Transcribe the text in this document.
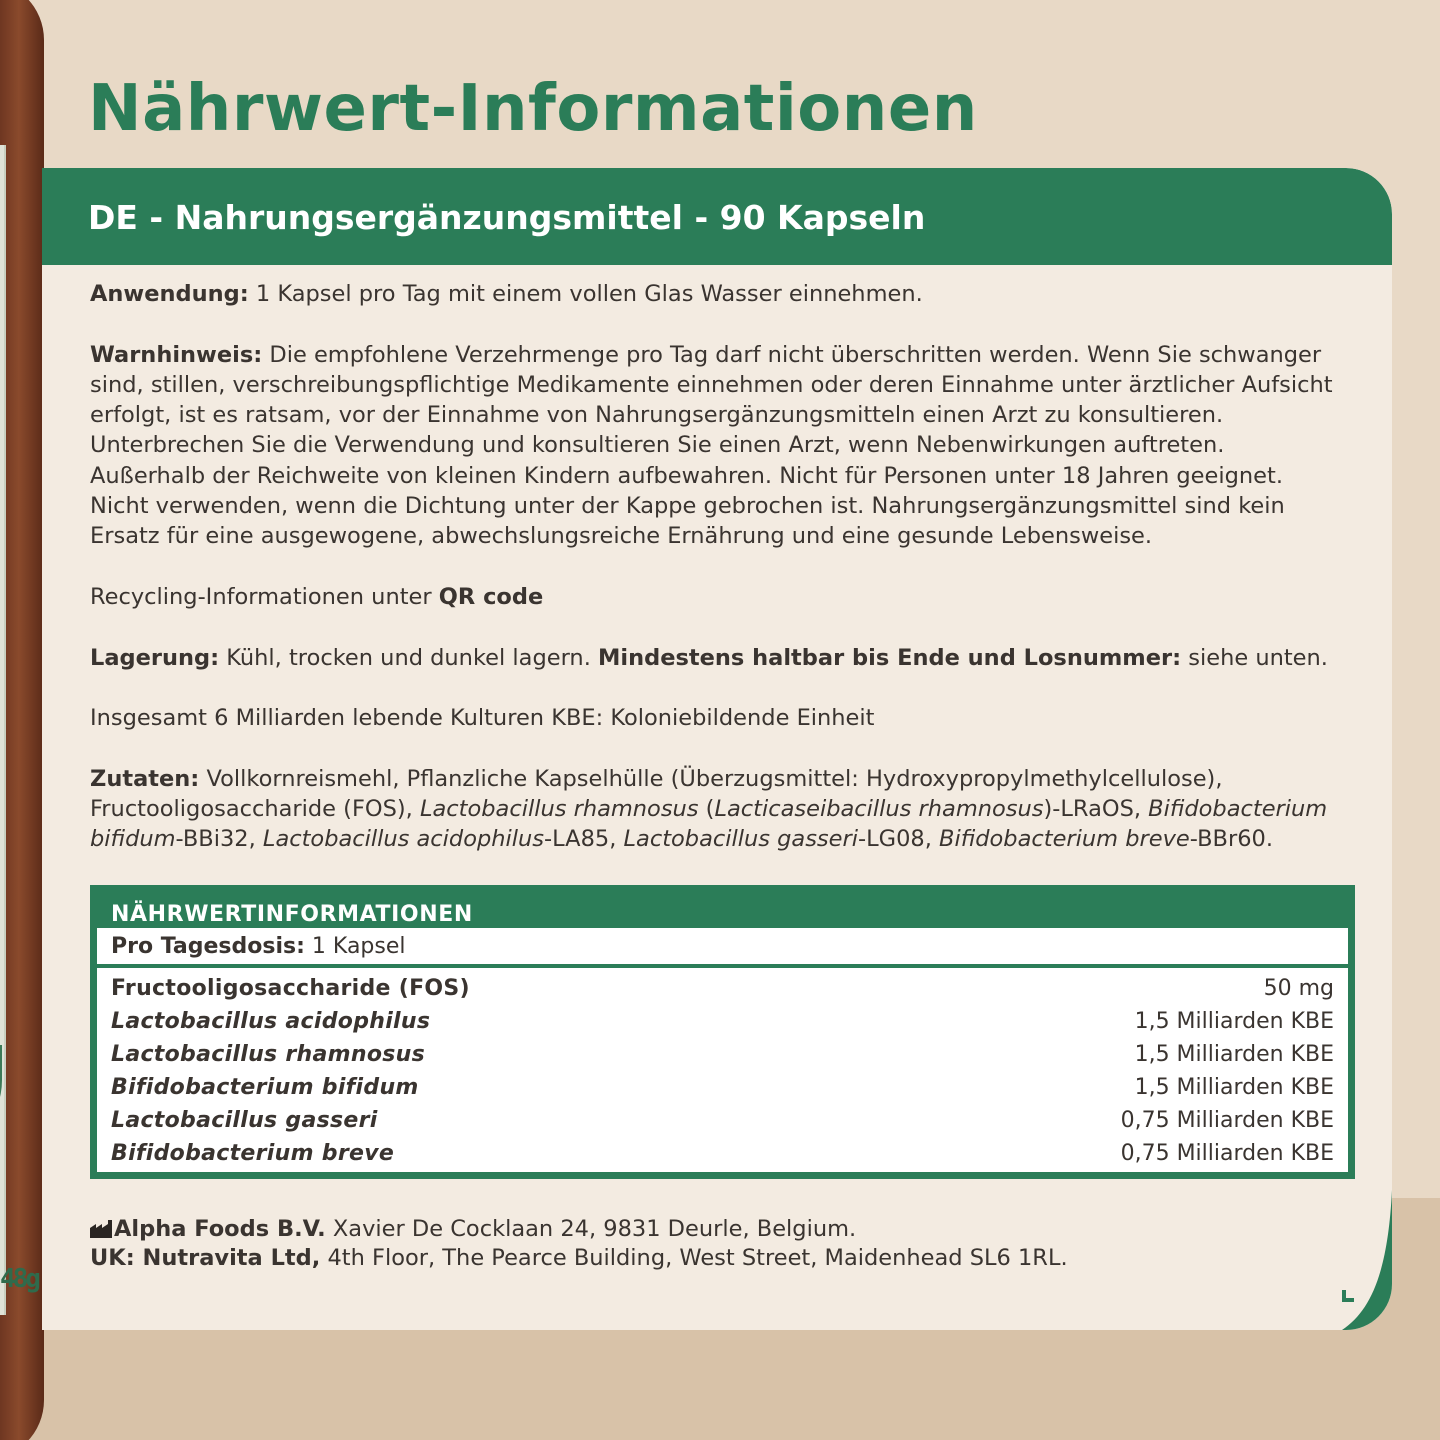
48g
Nährwert-Informationen
DE - Nahrungsergänzungsmittel - 90 Kapseln

Anwendung: 1 Kapsel pro Tag mit einem vollen Glas Wasser einnehmen.

Warnhinweis: Die empfohlene Verzehrmenge pro Tag darf nicht überschritten werden. Wenn Sie schwanger sind, stillen, verschreibungspflichtige Medikamente einnehmen oder deren Einnahme unter ärztlicher Aufsicht erfolgt, ist es ratsam, vor der Einnahme von Nahrungsergänzungsmitteln einen Arzt zu konsultieren. Unterbrechen Sie die Verwendung und konsultieren Sie einen Arzt, wenn Nebenwirkungen auftreten. Außerhalb der Reichweite von kleinen Kindern aufbewahren. Nicht für Personen unter 18 Jahren geeignet. Nicht verwenden, wenn die Dichtung unter der Kappe gebrochen ist. Nahrungsergänzungsmittel sind kein Ersatz für eine ausgewogene, abwechslungsreiche Ernährung und eine gesunde Lebensweise.

Recycling-Informationen unter QR code

Lagerung: Kühl, trocken und dunkel lagern. Mindestens haltbar bis Ende und Losnummer: siehe unten.

Insgesamt 6 Milliarden lebende Kulturen KBE: Koloniebildende Einheit

Zutaten: Vollkornreismehl, Pflanzliche Kapselhülle (Überzugsmittel: Hydroxypropylmethylcellulose), Fructooligosaccharide (FOS), Lactobacillus rhamnosus (Lacticaseibacillus rhamnosus)-LRaOS, Bifidobacterium bifidum-BBi32, Lactobacillus acidophilus-LA85, Lactobacillus gasseri-LG08, Bifidobacterium breve-BBr60.

NÄHRWERTINFORMATIONEN
Pro Tagesdosis: 1 Kapsel
Fructooligosaccharide (FOS)	50 mg
Lactobacillus acidophilus	1,5 Milliarden KBE
Lactobacillus rhamnosus	1,5 Milliarden KBE
Bifidobacterium bifidum	1,5 Milliarden KBE
Lactobacillus gasseri	0,75 Milliarden KBE
Bifidobacterium breve	0,75 Milliarden KBE
Alpha Foods B.V. Xavier De Cocklaan 24, 9831 Deurle, Belgium.
UK: Nutravita Ltd, 4th Floor, The Pearce Building, West Street, Maidenhead SL6 1RL.
